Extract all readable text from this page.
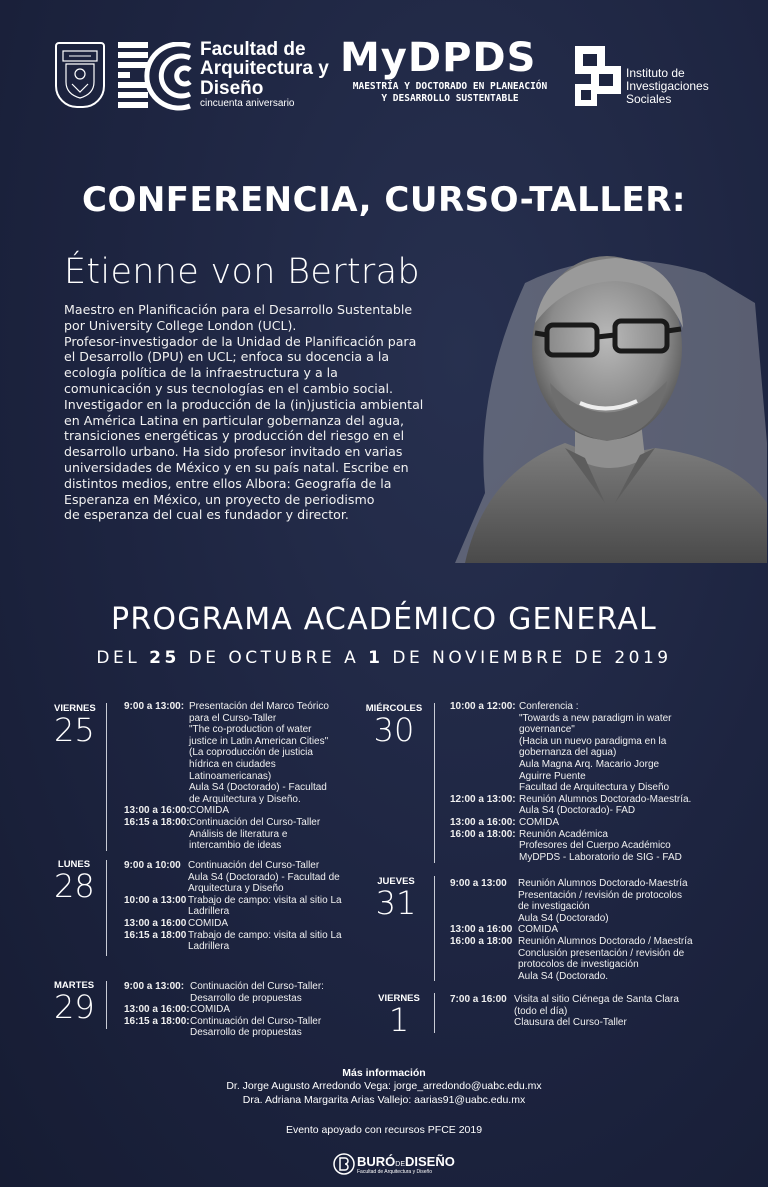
Facultad de
Arquitectura y
Diseño
cincuenta aniversario
MyDPDS
MAESTRÍA Y DOCTORADO EN PLANEACIÓN
Y DESARROLLO SUSTENTABLE
Instituto de
Investigaciones
Sociales
CONFERENCIA, CURSO-TALLER:
Étienne von Bertrab
Maestro en Planificación para el Desarrollo Sustentable
por University College London (UCL).
Profesor-investigador de la Unidad de Planificación para
el Desarrollo (DPU) en UCL; enfoca su docencia a la
ecología política de la infraestructura y a la
comunicación y sus tecnologías en el cambio social.
Investigador en la producción de la (in)justicia ambiental
en América Latina en particular gobernanza del agua,
transiciones energéticas y producción del riesgo en el
desarrollo urbano. Ha sido profesor invitado en varias
universidades de México y en su país natal. Escribe en
distintos medios, entre ellos Albora: Geografía de la
Esperanza en México, un proyecto de periodismo
de esperanza del cual es fundador y director.
PROGRAMA ACADÉMICO GENERAL
DEL 25 DE OCTUBRE A 1 DE NOVIEMBRE DE 2019
VIERNES
25
9:00 a 13:00: Presentación del Marco Teórico
para el Curso-Taller
"The co-production of water
justice in Latin American Cities"
(La coproducción de justicia
hídrica en ciudades
Latinoamericanas)
Aula S4 (Doctorado) - Facultad
de Arquitectura y Diseño.
13:00 a 16:00: COMIDA
16:15 a 18:00: Continuación del Curso-Taller
Análisis de literatura e
intercambio de ideas
LUNES
28
9:00 a 10:00 Continuación del Curso-Taller
Aula S4 (Doctorado) - Facultad de
Arquitectura y Diseño
10:00 a 13:00 Trabajo de campo: visita al sitio La
Ladrillera
13:00 a 16:00 COMIDA
16:15 a 18:00 Trabajo de campo: visita al sitio La
Ladrillera
MARTES
29
9:00 a 13:00: Continuación del Curso-Taller:
Desarrollo de propuestas
13:00 a 16:00: COMIDA
16:15 a 18:00: Continuación del Curso-Taller
Desarrollo de propuestas
MIÉRCOLES
30
10:00 a 12:00: Conferencia :
"Towards a new paradigm in water
governance"
(Hacia un nuevo paradigma en la
gobernanza del agua)
Aula Magna Arq. Macario Jorge
Aguirre Puente
Facultad de Arquitectura y Diseño
12:00 a 13:00: Reunión Alumnos Doctorado-Maestría.
Aula S4 (Doctorado)- FAD
13:00 a 16:00: COMIDA
16:00 a 18:00: Reunión Académica
Profesores del Cuerpo Académico
MyDPDS - Laboratorio de SIG - FAD
JUEVES
31
9:00 a 13:00	Reunión Alumnos Doctorado-Maestría
Presentación / revisión de protocolos
de investigación
Aula S4 (Doctorado)
13:00 a 16:00 COMIDA
16:00 a 18:00 Reunión Alumnos Doctorado / Maestría
Conclusión presentación / revisión de
protocolos de investigación
Aula S4 (Doctorado.
VIERNES
1
7:00 a 16:00 Visita al sitio Ciénega de Santa Clara
(todo el día)
Clausura del Curso-Taller
Más información
Dr. Jorge Augusto Arredondo Vega: jorge_arredondo@uabc.edu.mx
Dra. Adriana Margarita Arias Vallejo: aarias91@uabc.edu.mx
Evento apoyado con recursos PFCE 2019
BURÓDEDISEÑO
Facultad de Arquitectura y Diseño
